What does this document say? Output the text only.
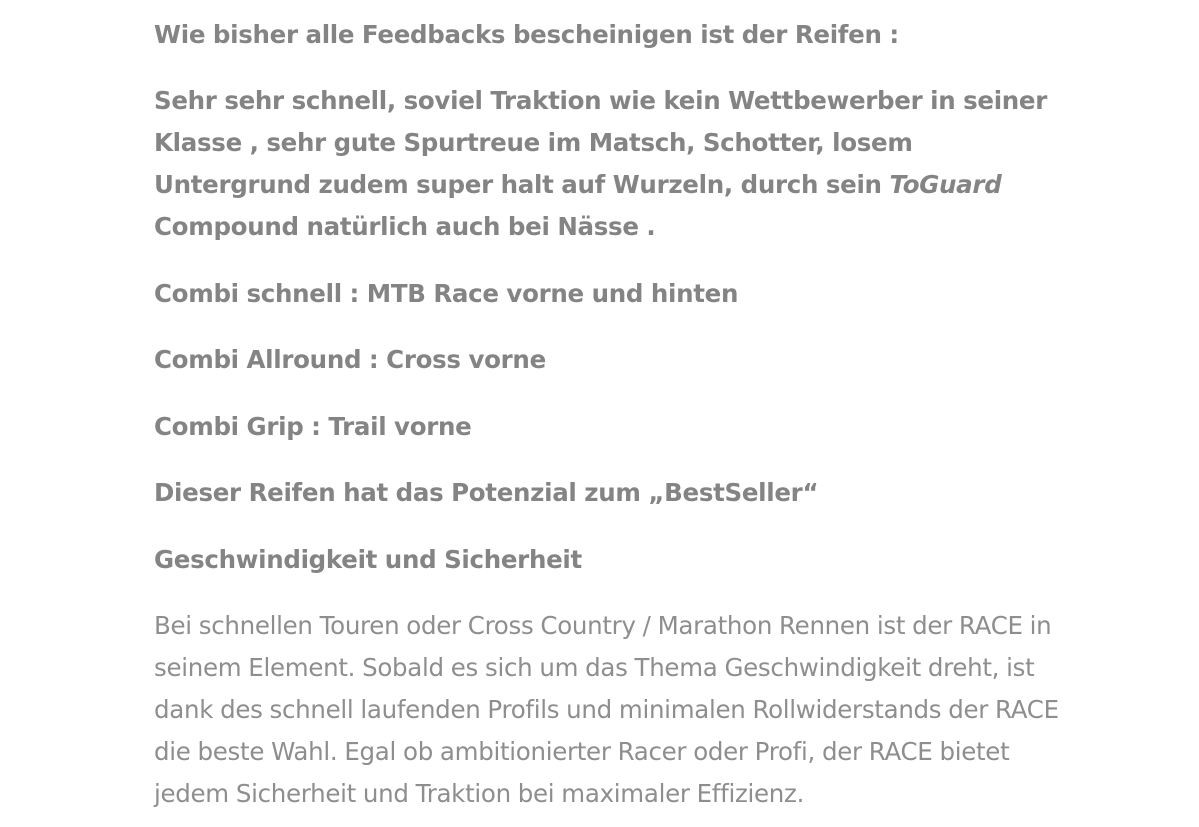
Wie bisher alle Feedbacks bescheinigen ist der Reifen :

Sehr sehr schnell, soviel Traktion wie kein Wettbewerber in seiner Klasse , sehr gute Spurtreue im Matsch, Schotter, losem Untergrund zudem super halt auf Wurzeln, durch sein ToGuard Compound natürlich auch bei Nässe .

Combi schnell : MTB Race vorne und hinten

Combi Allround : Cross vorne

Combi Grip : Trail vorne

Dieser Reifen hat das Potenzial zum „BestSeller“

Geschwindigkeit und Sicherheit

Bei schnellen Touren oder Cross Country / Marathon Rennen ist der RACE in seinem Element. Sobald es sich um das Thema Geschwindigkeit dreht, ist dank des schnell laufenden Profils und minimalen Rollwiderstands der RACE die beste Wahl. Egal ob ambitionierter Racer oder Profi, der RACE bietet jedem Sicherheit und Traktion bei maximaler Effizienz.
